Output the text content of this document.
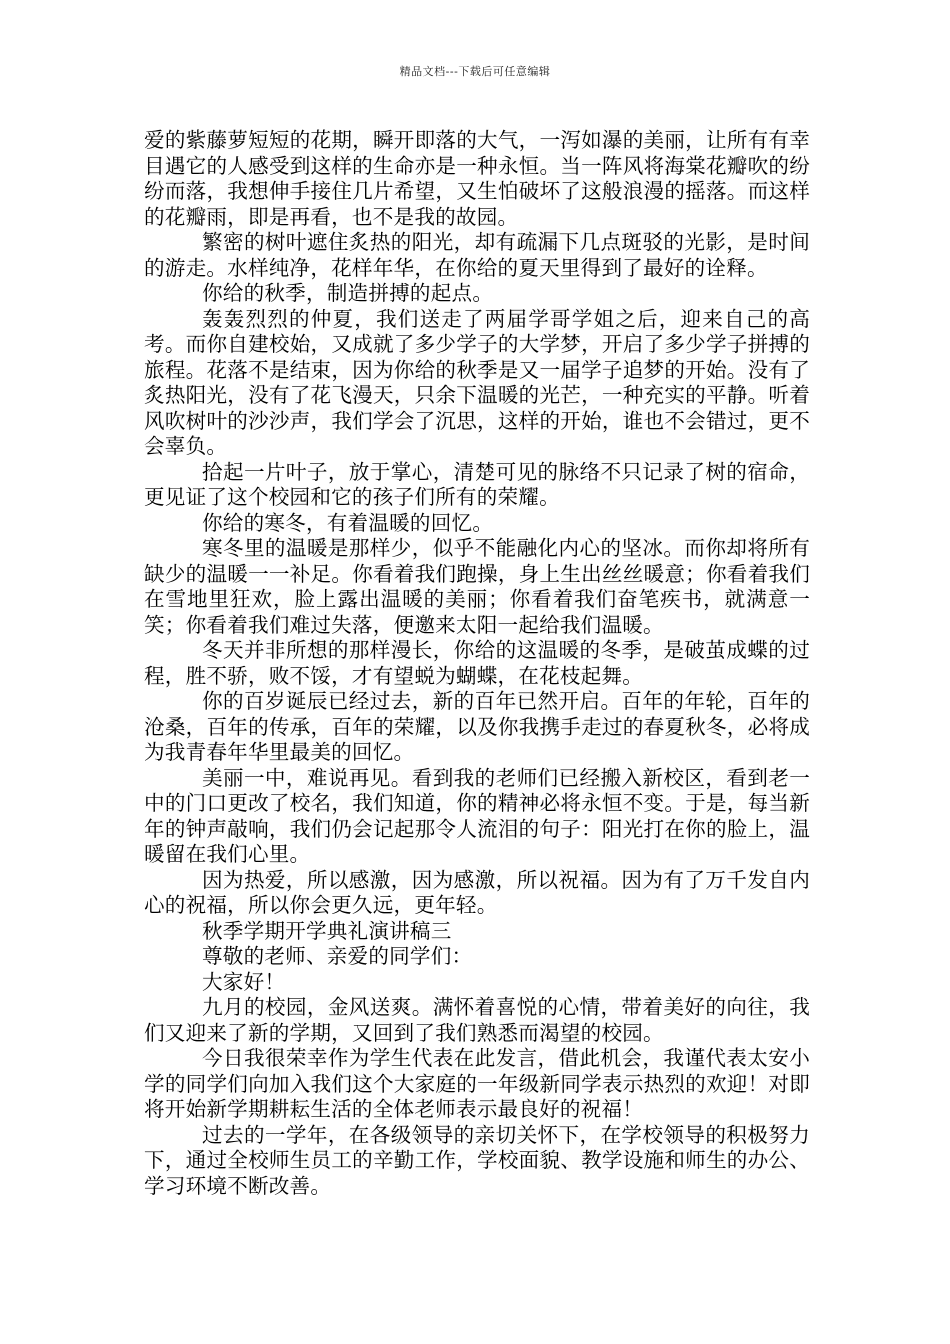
精品文档---下载后可任意编辑

爱的紫藤萝短短的花期，瞬开即落的大气，一泻如瀑的美丽，让所有有幸目遇它的人感受到这样的生命亦是一种永恒。当一阵风将海棠花瓣吹的纷纷而落，我想伸手接住几片希望，又生怕破坏了这般浪漫的摇落。而这样的花瓣雨，即是再看，也不是我的故园。

繁密的树叶遮住炙热的阳光，却有疏漏下几点斑驳的光影，是时间的游走。水样纯净，花样年华，在你给的夏天里得到了最好的诠释。

你给的秋季，制造拼搏的起点。

轰轰烈烈的仲夏，我们送走了两届学哥学姐之后，迎来自己的高考。而你自建校始，又成就了多少学子的大学梦，开启了多少学子拼搏的旅程。花落不是结束，因为你给的秋季是又一届学子追梦的开始。没有了炙热阳光，没有了花飞漫天，只余下温暖的光芒，一种充实的平静。听着风吹树叶的沙沙声，我们学会了沉思，这样的开始，谁也不会错过，更不会辜负。

拾起一片叶子，放于掌心，清楚可见的脉络不只记录了树的宿命，更见证了这个校园和它的孩子们所有的荣耀。

你给的寒冬，有着温暖的回忆。

寒冬里的温暖是那样少，似乎不能融化内心的坚冰。而你却将所有缺少的温暖一一补足。你看着我们跑操，身上生出丝丝暖意；你看着我们在雪地里狂欢，脸上露出温暖的美丽；你看着我们奋笔疾书，就满意一笑；你看着我们难过失落，便邀来太阳一起给我们温暖。

冬天并非所想的那样漫长，你给的这温暖的冬季，是破茧成蝶的过程，胜不骄，败不馁，才有望蜕为蝴蝶，在花枝起舞。

你的百岁诞辰已经过去，新的百年已然开启。百年的年轮，百年的沧桑，百年的传承，百年的荣耀，以及你我携手走过的春夏秋冬，必将成为我青春年华里最美的回忆。

美丽一中，难说再见。看到我的老师们已经搬入新校区，看到老一中的门口更改了校名，我们知道，你的精神必将永恒不变。于是，每当新年的钟声敲响，我们仍会记起那令人流泪的句子：阳光打在你的脸上，温暖留在我们心里。

因为热爱，所以感激，因为感激，所以祝福。因为有了万千发自内心的祝福，所以你会更久远，更年轻。

秋季学期开学典礼演讲稿三

尊敬的老师、亲爱的同学们：

大家好！

九月的校园，金风送爽。满怀着喜悦的心情，带着美好的向往，我们又迎来了新的学期，又回到了我们熟悉而渴望的校园。

今日我很荣幸作为学生代表在此发言，借此机会，我谨代表太安小学的同学们向加入我们这个大家庭的一年级新同学表示热烈的欢迎！对即将开始新学期耕耘生活的全体老师表示最良好的祝福！

过去的一学年，在各级领导的亲切关怀下，在学校领导的积极努力下，通过全校师生员工的辛勤工作，学校面貌、教学设施和师生的办公、学习环境不断改善。
